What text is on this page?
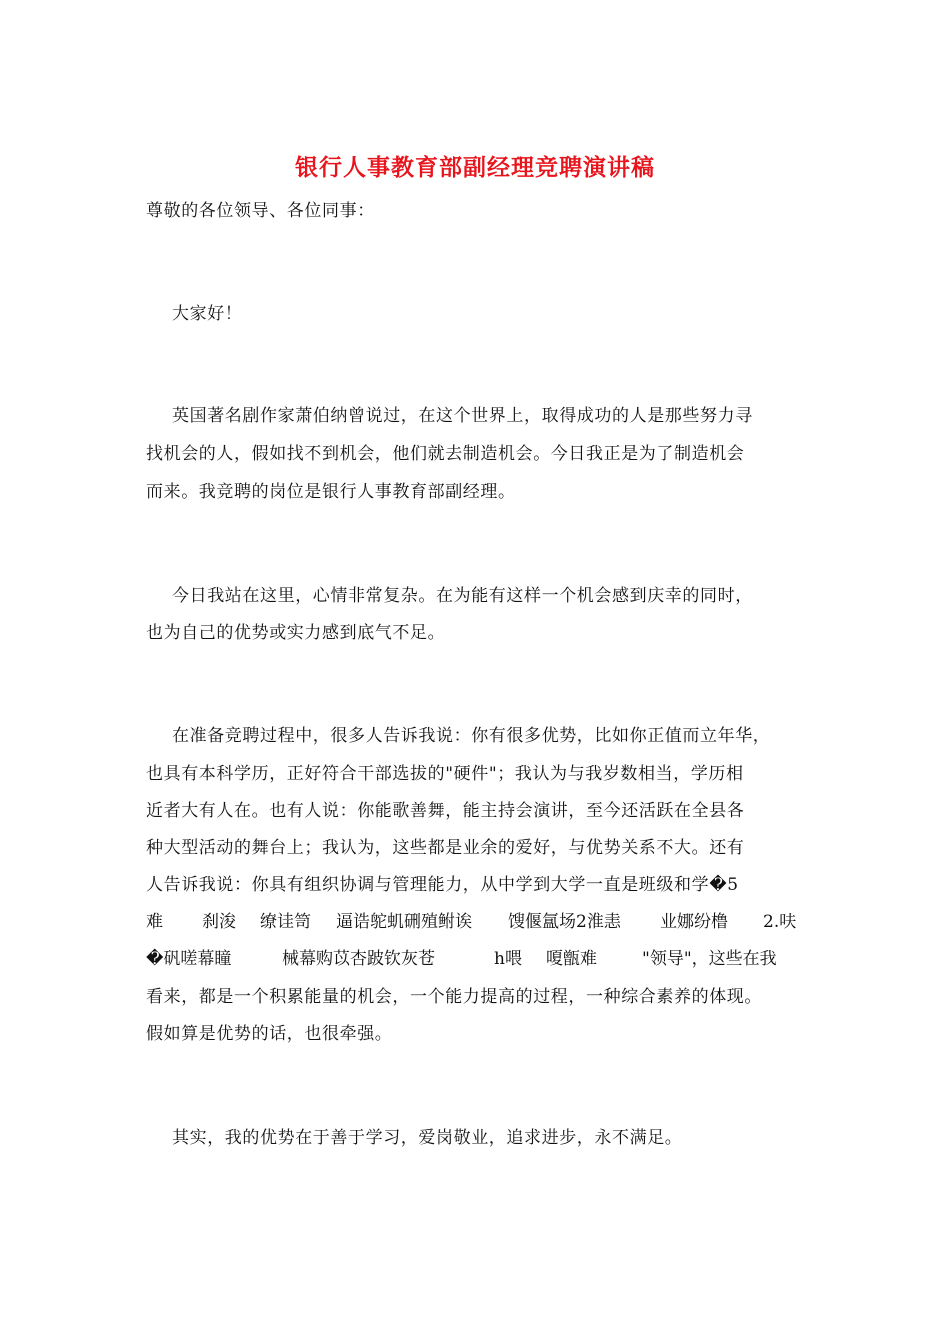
银行人事教育部副经理竞聘演讲稿
尊敬的各位领导、各位同事：
大家好！
英国著名剧作家萧伯纳曾说过，在这个世界上，取得成功的人是那些努力寻
找机会的人，假如找不到机会，他们就去制造机会。今日我正是为了制造机会
而来。我竞聘的岗位是银行人事教育部副经理。
今日我站在这里，心情非常复杂。在为能有这样一个机会感到庆幸的同时，
也为自己的优势或实力感到底气不足。
在准备竞聘过程中，很多人告诉我说：你有很多优势，比如你正值而立年华，
也具有本科学历，正好符合干部选拔的"硬件"；我认为与我岁数相当，学历相
近者大有人在。也有人说：你能歌善舞，能主持会演讲，至今还活跃在全县各
种大型活动的舞台上；我认为，这些都是业余的爱好，与优势关系不大。还有
人告诉我说：你具有组织协调与管理能力，从中学到大学一直是班级和学�5
难 刹浚 缭诖笥 逼诰鸵虮硎殖鲋诶 馊偃氲场2淮恚 业娜纷橹 2.呋
�矾嗟幕瞳	械幕购苡杏跛钦灰苍	h喂 嗄甑难	"领导"，这些在我
看来，都是一个积累能量的机会，一个能力提高的过程，一种综合素养的体现。
假如算是优势的话，也很牵强。
其实，我的优势在于善于学习，爱岗敬业，追求进步，永不满足。
